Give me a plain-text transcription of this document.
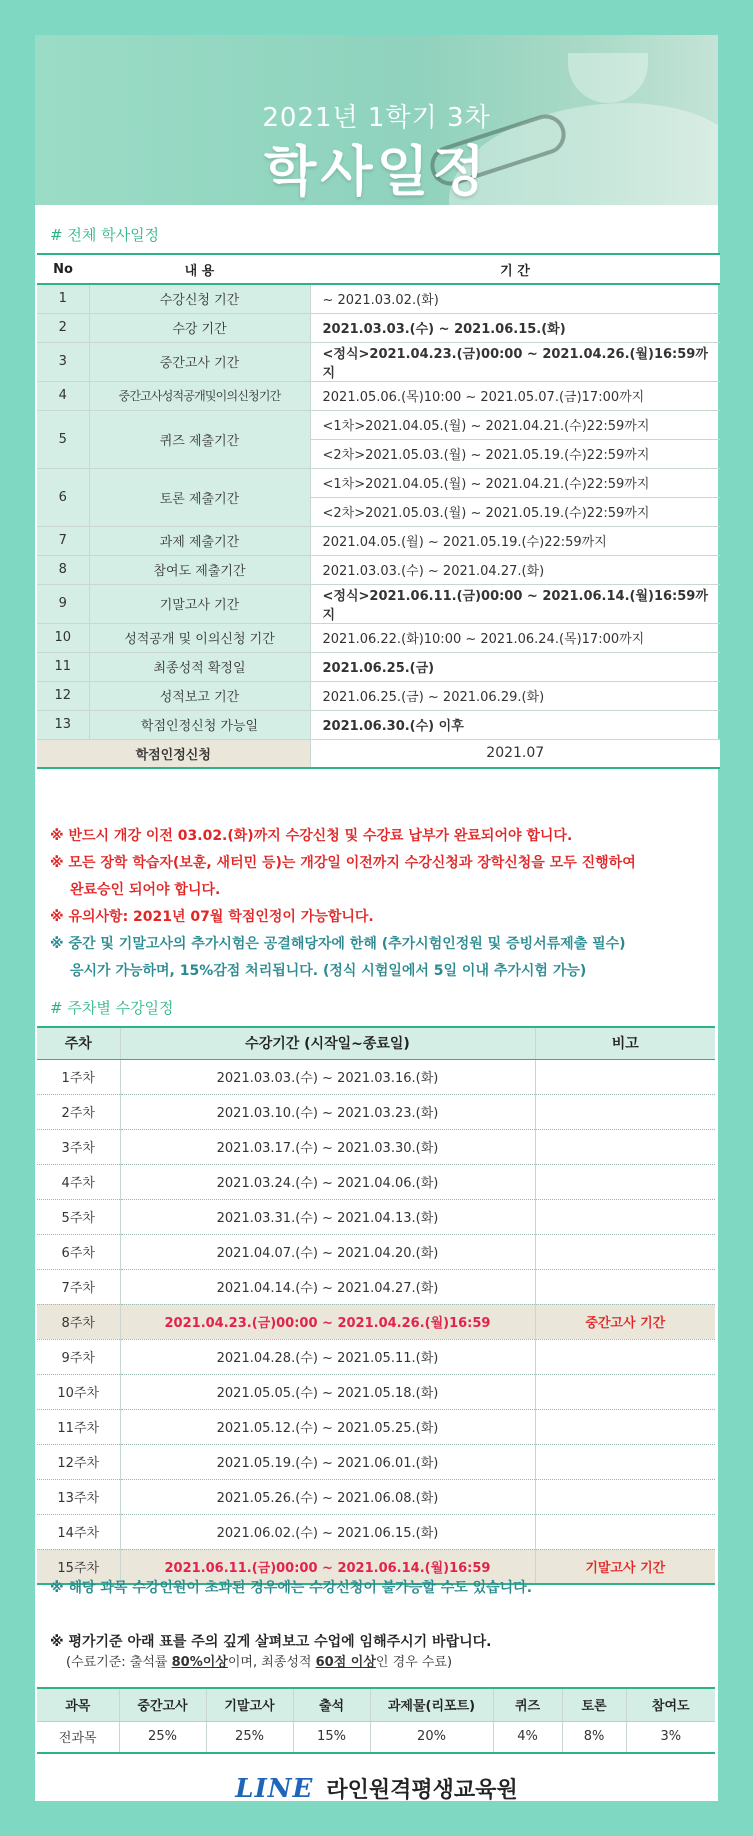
2021년 1학기 3차
학사일정
# 전체 학사일정
No	내 용	기 간
1	수강신청 기간	~ 2021.03.02.(화)
2	수강 기간	2021.03.03.(수) ~ 2021.06.15.(화)
3	중간고사 기간	<정식>2021.04.23.(금)00:00 ~ 2021.04.26.(월)16:59까지
4	중간고사성적공개및이의신청기간	2021.05.06.(목)10:00 ~ 2021.05.07.(금)17:00까지
5	퀴즈 제출기간	<1차>2021.04.05.(월) ~ 2021.04.21.(수)22:59까지
		<2차>2021.05.03.(월) ~ 2021.05.19.(수)22:59까지
6	토론 제출기간	<1차>2021.04.05.(월) ~ 2021.04.21.(수)22:59까지
		<2차>2021.05.03.(월) ~ 2021.05.19.(수)22:59까지
7	과제 제출기간	2021.04.05.(월) ~ 2021.05.19.(수)22:59까지
8	참여도 제출기간	2021.03.03.(수) ~ 2021.04.27.(화)
9	기말고사 기간	<정식>2021.06.11.(금)00:00 ~ 2021.06.14.(월)16:59까지
10	성적공개 및 이의신청 기간	2021.06.22.(화)10:00 ~ 2021.06.24.(목)17:00까지
11	최종성적 확정일	2021.06.25.(금)
12	성적보고 기간	2021.06.25.(금) ~ 2021.06.29.(화)
13	학점인정신청 가능일	2021.06.30.(수) 이후
학점인정신청		2021.07
※ 반드시 개강 이전 03.02.(화)까지 수강신청 및 수강료 납부가 완료되어야 합니다.
※ 모든 장학 학습자(보훈, 새터민 등)는 개강일 이전까지 수강신청과 장학신청을 모두 진행하여
완료승인 되어야 합니다.
※ 유의사항: 2021년 07월 학점인정이 가능합니다.
※ 중간 및 기말고사의 추가시험은 공결해당자에 한해 (추가시험인정원 및 증빙서류제출 필수)
응시가 가능하며, 15%감점 처리됩니다. (정식 시험일에서 5일 이내 추가시험 가능)
# 주차별 수강일정
주차	수강기간 (시작일~종료일)	비고
1주차	2021.03.03.(수) ~ 2021.03.16.(화)	
2주차	2021.03.10.(수) ~ 2021.03.23.(화)	
3주차	2021.03.17.(수) ~ 2021.03.30.(화)	
4주차	2021.03.24.(수) ~ 2021.04.06.(화)	
5주차	2021.03.31.(수) ~ 2021.04.13.(화)	
6주차	2021.04.07.(수) ~ 2021.04.20.(화)	
7주차	2021.04.14.(수) ~ 2021.04.27.(화)	
8주차	2021.04.23.(금)00:00 ~ 2021.04.26.(월)16:59	중간고사 기간
9주차	2021.04.28.(수) ~ 2021.05.11.(화)	
10주차	2021.05.05.(수) ~ 2021.05.18.(화)	
11주차	2021.05.12.(수) ~ 2021.05.25.(화)	
12주차	2021.05.19.(수) ~ 2021.06.01.(화)	
13주차	2021.05.26.(수) ~ 2021.06.08.(화)	
14주차	2021.06.02.(수) ~ 2021.06.15.(화)	
15주차	2021.06.11.(금)00:00 ~ 2021.06.14.(월)16:59	기말고사 기간
※ 해당 과목 수강인원이 초과된 경우에는 수강신청이 불가능할 수도 있습니다.
※ 평가기준 아래 표를 주의 깊게 살펴보고 수업에 임해주시기 바랍니다.
(수료기준: 출석률 80%이상이며, 최종성적 60점 이상인 경우 수료)
과목	중간고사	기말고사	출석	과제물(리포트)	퀴즈	토론	참여도
전과목	25%	25%	15%	20%	4%	8%	3%
LINE 라인원격평생교육원
